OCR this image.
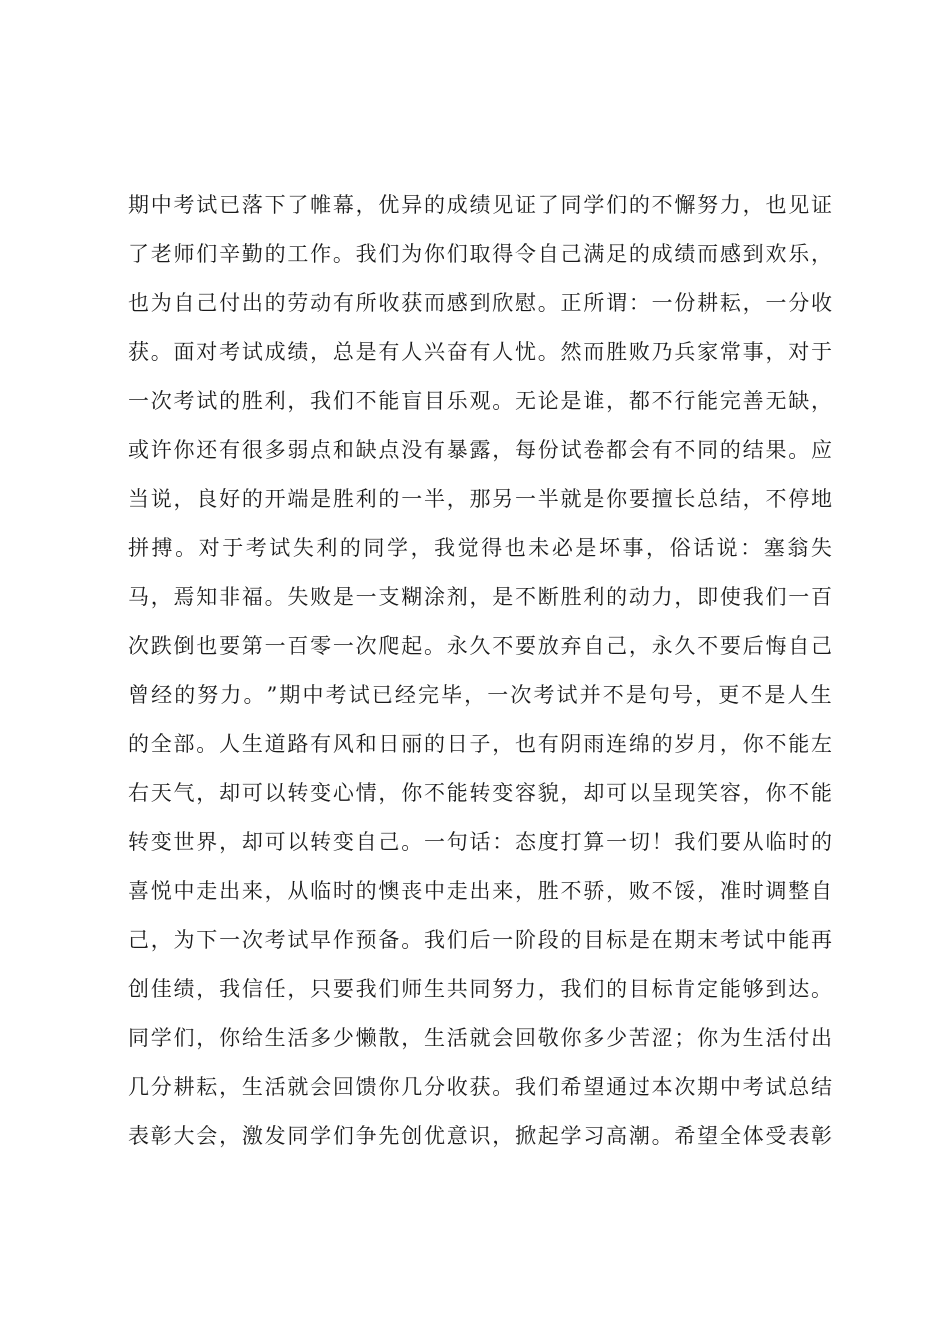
期 中 考 试 已 落 下 了 帷 幕 ， 优 异 的 成 绩 见 证 了 同 学 们 的 不 懈 努 力 ， 也 见 证
了 老 师 们 辛 勤 的 工 作 。 我 们 为 你 们 取 得 令 自 己 满 足 的 成 绩 而 感 到 欢 乐 ，
也 为 自 己 付 出 的 劳 动 有 所 收 获 而 感 到 欣 慰 。 正 所 谓 ： 一 份 耕 耘 ， 一 分 收
获 。 面 对 考 试 成 绩 ， 总 是 有 人 兴 奋 有 人 忧 。 然 而 胜 败 乃 兵 家 常 事 ， 对 于
一 次 考 试 的 胜 利 ， 我 们 不 能 盲 目 乐 观 。 无 论 是 谁 ， 都 不 行 能 完 善 无 缺 ，
或 许 你 还 有 很 多 弱 点 和 缺 点 没 有 暴 露 ， 每 份 试 卷 都 会 有 不 同 的 结 果 。 应
当 说 ， 良 好 的 开 端 是 胜 利 的 一 半 ， 那 另 一 半 就 是 你 要 擅 长 总 结 ， 不 停 地
拼 搏 。 对 于 考 试 失 利 的 同 学 ， 我 觉 得 也 未 必 是 坏 事 ， 俗 话 说 ： 塞 翁 失
马 ， 焉 知 非 福 。 失 败 是 一 支 糊 涂 剂 ， 是 不 断 胜 利 的 动 力 ， 即 使 我 们 一 百
次 跌 倒 也 要 第 一 百 零 一 次 爬 起 。 永 久 不 要 放 弃 自 己 ， 永 久 不 要 后 悔 自 己
曾 经 的 努 力 。 ” 期 中 考 试 已 经 完 毕 ， 一 次 考 试 并 不 是 句 号 ， 更 不 是 人 生
的 全 部 。 人 生 道 路 有 风 和 日 丽 的 日 子 ， 也 有 阴 雨 连 绵 的 岁 月 ， 你 不 能 左
右 天 气 ， 却 可 以 转 变 心 情 ， 你 不 能 转 变 容 貌 ， 却 可 以 呈 现 笑 容 ， 你 不 能
转 变 世 界 ， 却 可 以 转 变 自 己 。 一 句 话 ： 态 度 打 算 一 切 ！ 我 们 要 从 临 时 的
喜 悦 中 走 出 来 ， 从 临 时 的 懊 丧 中 走 出 来 ， 胜 不 骄 ， 败 不 馁 ， 准 时 调 整 自
己 ， 为 下 一 次 考 试 早 作 预 备 。 我 们 后 一 阶 段 的 目 标 是 在 期 末 考 试 中 能 再
创 佳 绩 ， 我 信 任 ， 只 要 我 们 师 生 共 同 努 力 ， 我 们 的 目 标 肯 定 能 够 到 达 。
同 学 们 ， 你 给 生 活 多 少 懒 散 ， 生 活 就 会 回 敬 你 多 少 苦 涩 ； 你 为 生 活 付 出
几 分 耕 耘 ， 生 活 就 会 回 馈 你 几 分 收 获 。 我 们 希 望 通 过 本 次 期 中 考 试 总 结
表 彰 大 会 ， 激 发 同 学 们 争 先 创 优 意 识 ， 掀 起 学 习 高 潮 。 希 望 全 体 受 表 彰
